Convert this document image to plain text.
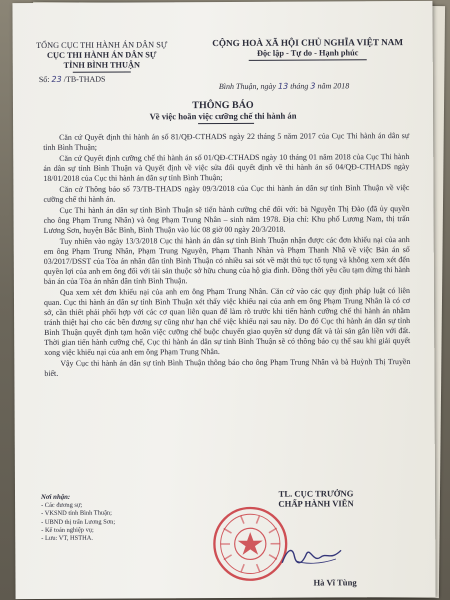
TỔNG CỤC THI HÀNH ÁN DÂN SỰ
CỤC THI HÀNH ÁN DÂN SỰ
TỈNH BÌNH THUẬN
CỘNG HOÀ XÃ HỘI CHỦ NGHĨA VIỆT NAM
Độc lập - Tự do - Hạnh phúc
Số: 23 /TB-THADS
Bình Thuận, ngày 13 tháng 3 năm 2018
THÔNG BÁO
Về việc hoãn việc cưỡng chế thi hành án

Căn cứ Quyết định thi hành án số 81/QĐ-CTHADS ngày 22 tháng 5 năm 2017 của Cục Thi hành án dân sự tỉnh Bình Thuận;

Căn cứ Quyết định cưỡng chế thi hành án số 01/QĐ-CTHADS ngày 10 tháng 01 năm 2018 của Cục Thi hành án dân sự tỉnh Bình Thuận và Quyết định về việc sửa đổi quyết định về thi hành án số 04/QĐ-CTHADS ngày 18/01/2018 của Cục thi hành án dân sự tỉnh Bình Thuận;

Căn cứ Thông báo số 73/TB-THADS ngày 09/3/2018 của Cục thi hành án dân sự tỉnh Bình Thuận về việc cưỡng chế thi hành án.

Cục Thi hành án dân sự tỉnh Bình Thuận sẽ tiến hành cưỡng chế đối với: bà Nguyễn Thị Đào (đã ủy quyền cho ông Phạm Trung Nhân) và ông Phạm Trung Nhân – sinh năm 1978. Địa chỉ: Khu phố Lương Nam, thị trấn Lương Sơn, huyện Bắc Bình, Bình Thuận vào lúc 08 giờ 00 ngày 20/3/2018.

Tuy nhiên vào ngày 13/3/2018 Cục thi hành án dân sự tỉnh Bình Thuận nhận được các đơn khiếu nại của anh em ông Phạm Trung Nhân, Phạm Trung Nguyên, Phạm Thanh Nhàn và Phạm Thanh Nhã về việc Bản án số 03/2017/DSST của Tòa án nhân dân tỉnh Bình Thuận có nhiều sai sót về mặt thủ tục tố tụng và không xem xét đến quyền lợi của anh em ông đối với tài sản thuộc sở hữu chung của hộ gia đình. Đồng thời yêu cầu tạm dừng thi hành bản án của Tòa án nhân dân tỉnh Bình Thuận.

Qua xem xét đơn khiếu nại của anh em ông Phạm Trung Nhân. Căn cứ vào các quy định pháp luật có liên quan. Cục thi hành án dân sự tỉnh Bình Thuận xét thấy việc khiếu nại của anh em ông Phạm Trung Nhân là có cơ sở, cần thiết phải phối hợp với các cơ quan liên quan để làm rõ trước khi tiến hành cưỡng chế thi hành án nhằm tránh thiệt hại cho các bên đương sự cũng như hạn chế việc khiếu nại sau này. Do đó Cục thi hành án dân sự tỉnh Bình Thuận quyết định tạm hoãn việc cưỡng chế buộc chuyển giao quyền sử dụng đất và tài sản gắn liền với đất. Thời gian tiến hành cưỡng chế, Cục thi hành án dân sự tỉnh Bình Thuận sẽ có thông báo cụ thể sau khi giải quyết xong việc khiếu nại của anh em ông Phạm Trung Nhân.

Vậy Cục thi hành án dân sự tỉnh Bình Thuận thông báo cho ông Phạm Trung Nhân và bà Huỳnh Thị Truyền biết.

Nơi nhận:
- Các đương sự;
- VKSND tỉnh Bình Thuận;
- UBND thị trấn Lương Sơn;
- Kế toán nghiệp vụ;
- Lưu: VT, HSTHA.
TL. CỤC TRƯỞNG
CHẤP HÀNH VIÊN
Hà Vĩ Tùng
